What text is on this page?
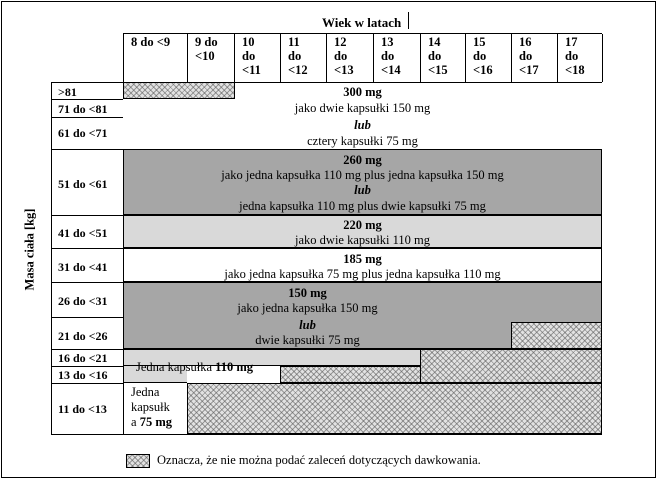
Wiek w latach
8 do <9 9 do
<10
10
do
<11
11
do
<12
12
do
<13
13
do
<14
14
do
<15
15
do
<16
16
do
<17
17
do
<18
Masa ciała [kg]
>81
71 do <81
61 do <71
51 do <61
41 do <51
31 do <41
26 do <31
21 do <26
16 do <21
13 do <16
11 do <13
300 mg
jako dwie kapsułki 150 mg
lub
cztery kapsułki 75 mg
260 mg
jako jedna kapsułka 110 mg plus jedna kapsułka 150 mg
lub
jedna kapsułka 110 mg plus dwie kapsułki 75 mg
220 mg
jako dwie kapsułki 110 mg
185 mg
jako jedna kapsułka 75 mg plus jedna kapsułka 110 mg
150 mg
jako jedna kapsułka 150 mg
lub
dwie kapsułki 75 mg
Jedna kapsułka 110 mg
Jedna
kapsułk
a 75 mg
Oznacza, że nie można podać zaleceń dotyczących dawkowania.
